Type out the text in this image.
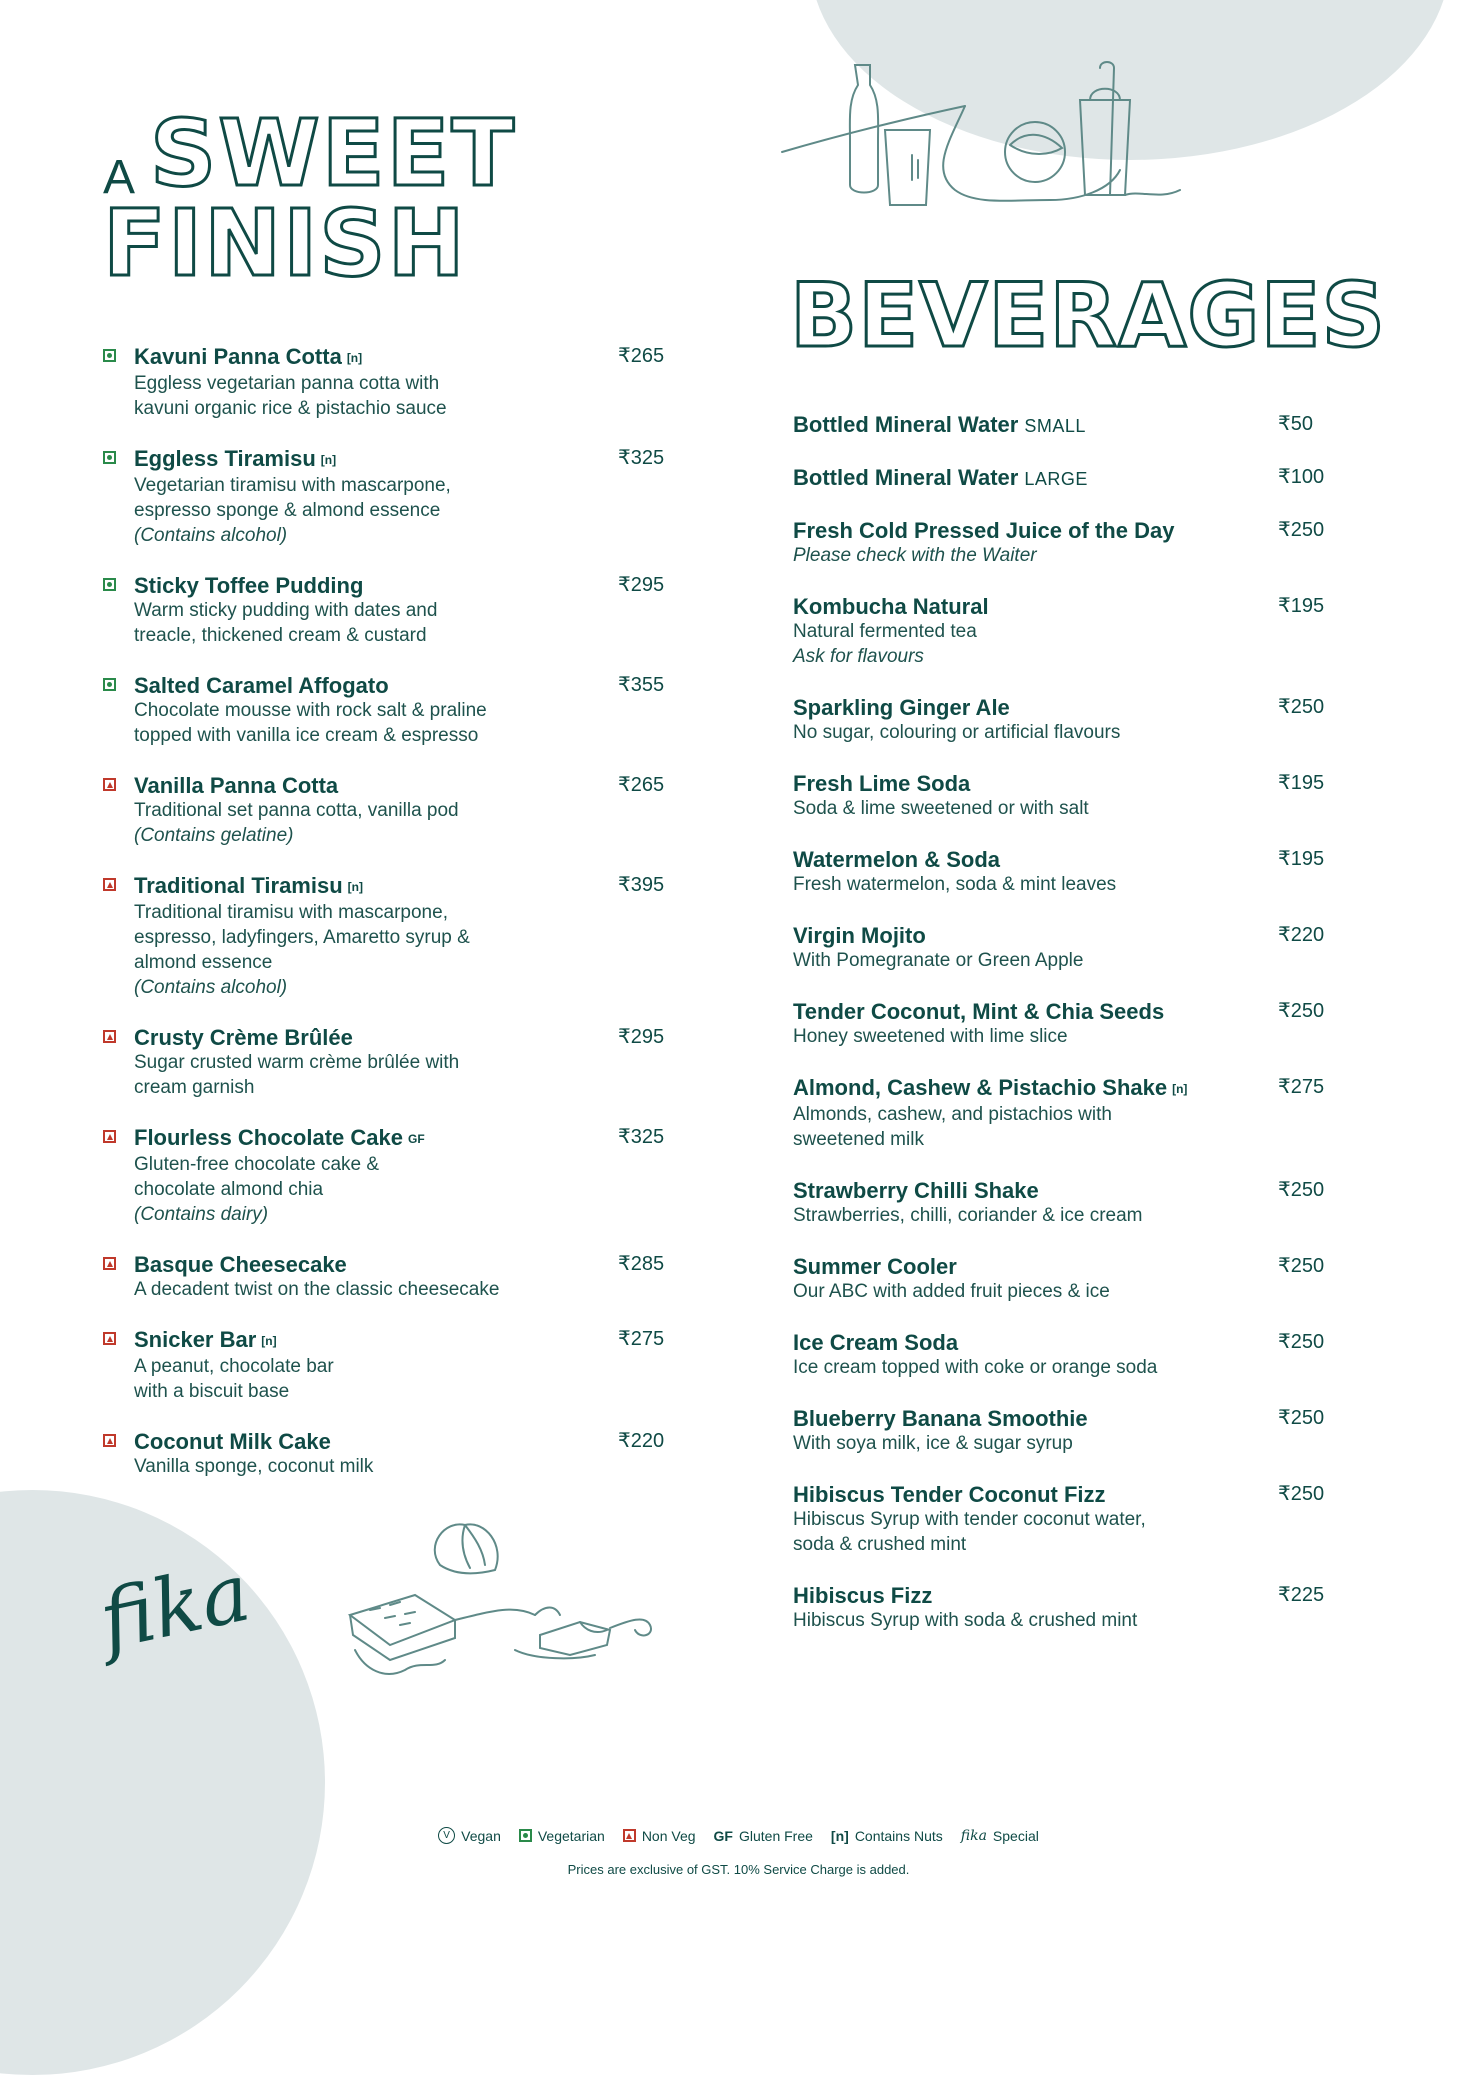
A SWEET
FINISH
BEVERAGES
Kavuni Panna Cotta [n]	₹265
Eggless vegetarian panna cotta with
kavuni organic rice & pistachio sauce
Eggless Tiramisu [n]	₹325
Vegetarian tiramisu with mascarpone,
espresso sponge & almond essence
(Contains alcohol)
Sticky Toffee Pudding	₹295
Warm sticky pudding with dates and
treacle, thickened cream & custard
Salted Caramel Affogato	₹355
Chocolate mousse with rock salt & praline
topped with vanilla ice cream & espresso
Vanilla Panna Cotta	₹265
Traditional set panna cotta, vanilla pod
(Contains gelatine)
Traditional Tiramisu [n]	₹395
Traditional tiramisu with mascarpone,
espresso, ladyfingers, Amaretto syrup &
almond essence
(Contains alcohol)
Crusty Crème Brûlée	₹295
Sugar crusted warm crème brûlée with
cream garnish
Flourless Chocolate Cake GF	₹325
Gluten-free chocolate cake &
chocolate almond chia
(Contains dairy)
Basque Cheesecake	₹285
A decadent twist on the classic cheesecake
Snicker Bar [n]	₹275
A peanut, chocolate bar
with a biscuit base
Coconut Milk Cake	₹220
Vanilla sponge, coconut milk
Bottled Mineral Water SMALL	₹50
Bottled Mineral Water LARGE	₹100
Fresh Cold Pressed Juice of the Day	₹250
Please check with the Waiter
Kombucha Natural	₹195
Natural fermented tea
Ask for flavours
Sparkling Ginger Ale	₹250
No sugar, colouring or artificial flavours
Fresh Lime Soda	₹195
Soda & lime sweetened or with salt
Watermelon & Soda	₹195
Fresh watermelon, soda & mint leaves
Virgin Mojito	₹220
With Pomegranate or Green Apple
Tender Coconut, Mint & Chia Seeds	₹250
Honey sweetened with lime slice
Almond, Cashew & Pistachio Shake [n]	₹275
Almonds, cashew, and pistachios with
sweetened milk
Strawberry Chilli Shake	₹250
Strawberries, chilli, coriander & ice cream
Summer Cooler	₹250
Our ABC with added fruit pieces & ice
Ice Cream Soda	₹250
Ice cream topped with coke or orange soda
Blueberry Banana Smoothie	₹250
With soya milk, ice & sugar syrup
Hibiscus Tender Coconut Fizz	₹250
Hibiscus Syrup with tender coconut water,
soda & crushed mint
Hibiscus Fizz	₹225
Hibiscus Syrup with soda & crushed mint
fika
V Vegan	Vegetarian	Non Veg GF Gluten Free [n] Contains Nuts fika Special
Prices are exclusive of GST. 10% Service Charge is added.
